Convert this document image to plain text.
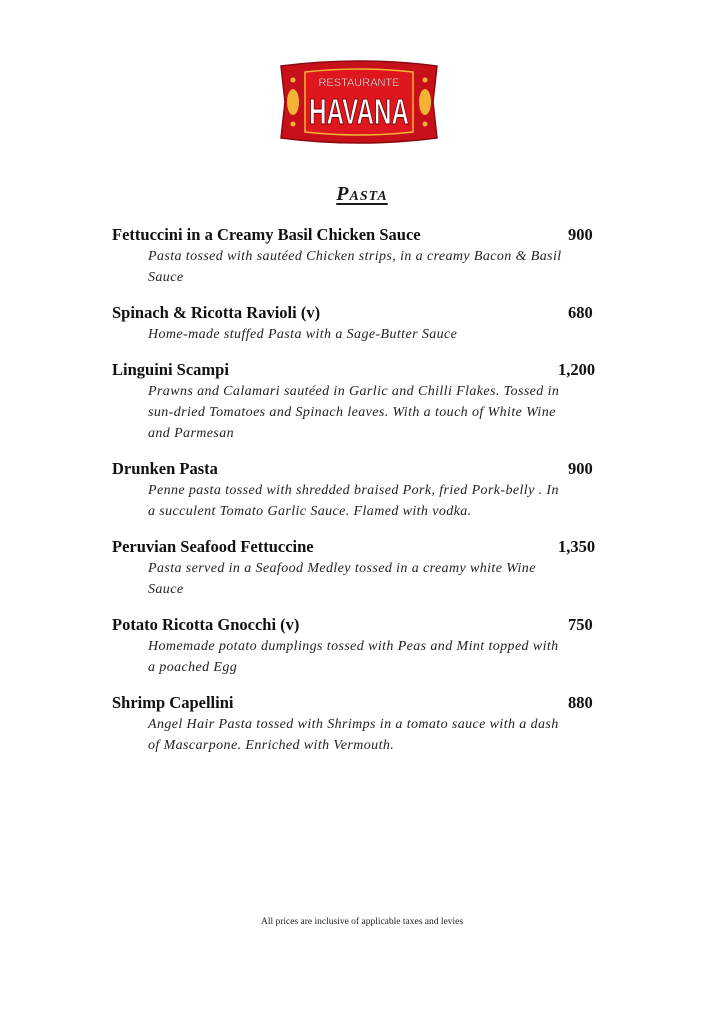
RESTAURANTE
HAVANA
Pasta
Fettuccini in a Creamy Basil Chicken Sauce	900
Pasta tossed with sautéed Chicken strips, in a creamy Bacon & Basil Sauce
Spinach & Ricotta Ravioli (v)	680
Home-made stuffed Pasta with a Sage-Butter Sauce
Linguini Scampi	1,200
Prawns and Calamari sautéed in Garlic and Chilli Flakes. Tossed in sun-dried Tomatoes and Spinach leaves. With a touch of White Wine and Parmesan
Drunken Pasta	900
Penne pasta tossed with shredded braised Pork, fried Pork-belly . In a succulent Tomato Garlic Sauce. Flamed with vodka.
Peruvian Seafood Fettuccine	1,350
Pasta served in a Seafood Medley tossed in a creamy white Wine Sauce
Potato Ricotta Gnocchi (v)	750
Homemade potato dumplings tossed with Peas and Mint topped with a poached Egg
Shrimp Capellini	880
Angel Hair Pasta tossed with Shrimps in a tomato sauce with a dash of Mascarpone. Enriched with Vermouth.
All prices are inclusive of applicable taxes and levies
